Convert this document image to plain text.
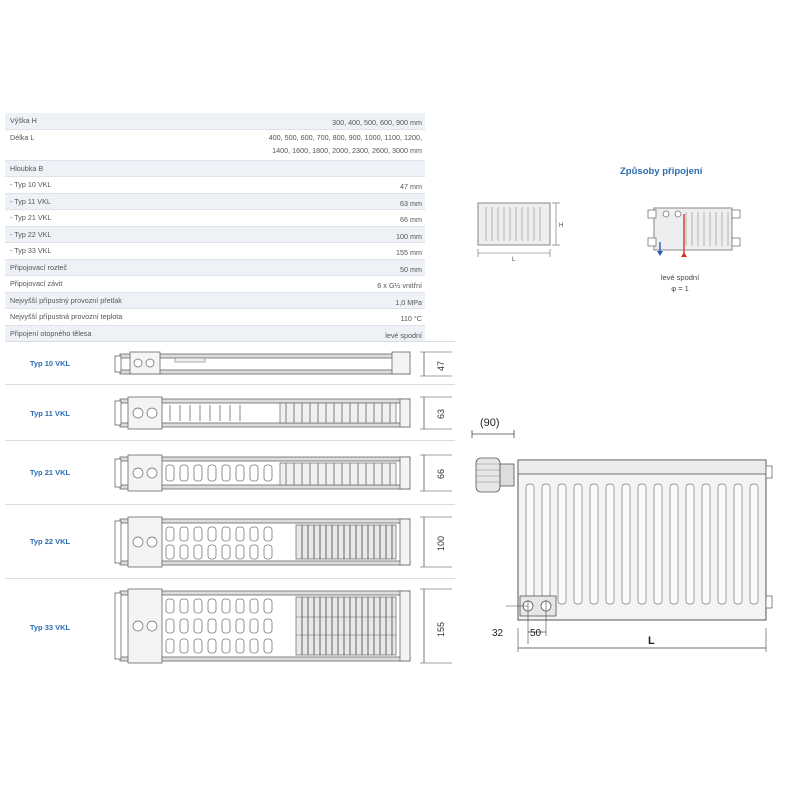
Výška H	300, 400, 500, 600, 900 mm
Délka L	400, 500, 600, 700, 800, 900, 1000, 1100, 1200,
1400, 1600, 1800, 2000, 2300, 2600, 3000 mm
Hloubka B
- Typ 10 VKL	47 mm
- Typ 11 VKL	63 mm
- Typ 21 VKL	66 mm
- Typ 22 VKL	100 mm
- Typ 33 VKL	155 mm
Připojovací rozteč	50 mm
Připojovací závit	6 x G½ vnitřní
Nejvyšší přípustný provozní přetlak	1,0 MPa
Nejvyšší přípustná provozní teplota	110 °C
Připojení otopného tělesa	levé spodní
Způsoby připojení
H
L
levé spodní
φ = 1
Typ 10 VKL	47
Typ 11 VKL	63
Typ 21 VKL	66
Typ 22 VKL	100
Typ 33 VKL	155
(90)
32	50
L
